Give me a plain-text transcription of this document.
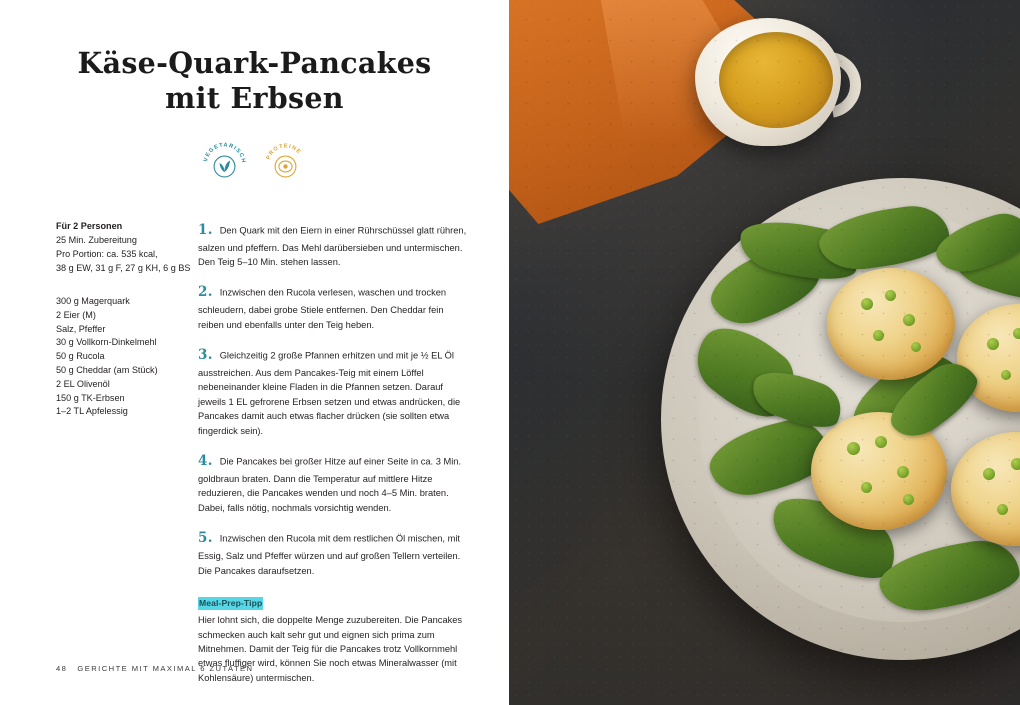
Käse-Quark-Pancakes
mit Erbsen
VEGETARISCH
PROTEINE
Für 2 Personen
25 Min. Zubereitung
Pro Portion: ca. 535 kcal,
38 g EW, 31 g F, 27 g KH, 6 g BS
300 g Magerquark
2 Eier (M)
Salz, Pfeffer
30 g Vollkorn-Dinkelmehl
50 g Rucola
50 g Cheddar (am Stück)
2 EL Olivenöl
150 g TK-Erbsen
1–2 TL Apfelessig
1. Den Quark mit den Eiern in einer Rührschüssel glatt rühren, salzen und pfeffern. Das Mehl darübersieben und untermischen. Den Teig 5–10 Min. stehen lassen.
2. Inzwischen den Rucola verlesen, waschen und trocken schleudern, dabei grobe Stiele entfernen. Den Cheddar fein reiben und ebenfalls unter den Teig heben.
3. Gleichzeitig 2 große Pfannen erhitzen und mit je ½ EL Öl ausstreichen. Aus dem Pancakes-Teig mit einem Löffel nebeneinander kleine Fladen in die Pfannen setzen. Darauf jeweils 1 EL gefrorene Erbsen setzen und etwas andrücken, die Pancakes damit auch etwas flacher drücken (sie sollten etwa fingerdick sein).
4. Die Pancakes bei großer Hitze auf einer Seite in ca. 3 Min. goldbraun braten. Dann die Temperatur auf mittlere Hitze reduzieren, die Pancakes wenden und noch 4–5 Min. braten. Dabei, falls nötig, nochmals vorsichtig wenden.
5. Inzwischen den Rucola mit dem restlichen Öl mischen, mit Essig, Salz und Pfeffer würzen und auf großen Tellern verteilen. Die Pancakes daraufsetzen.
Meal-Prep-Tipp
Hier lohnt sich, die doppelte Menge zuzubereiten. Die Pancakes schmecken auch kalt sehr gut und eignen sich prima zum Mitnehmen. Damit der Teig für die Pancakes trotz Vollkornmehl etwas fluffiger wird, können Sie noch etwas Mineralwasser (mit Kohlensäure) untermischen.
48 GERICHTE MIT MAXIMAL 6 ZUTATEN
